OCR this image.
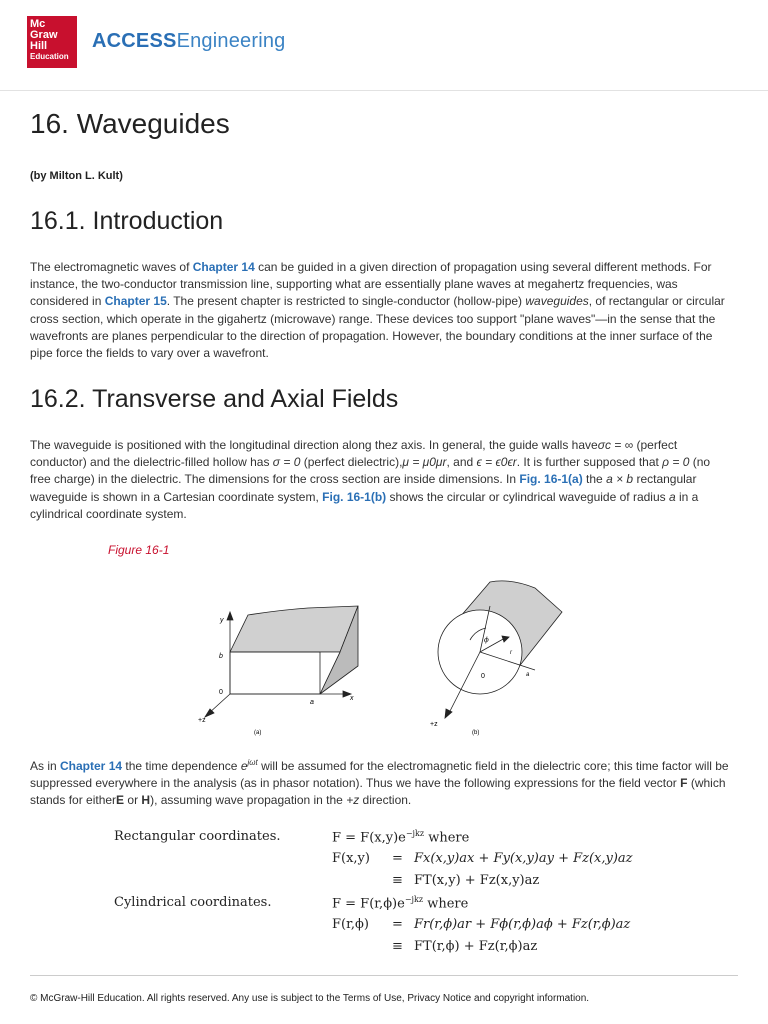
Mc
Graw
Hill
Education
ACCESSEngineering
16. Waveguides
(by Milton L. Kult)
16.1. Introduction

The electromagnetic waves of Chapter 14 can be guided in a given direction of propagation using several different methods. For instance, the two-conductor transmission line, supporting what are essentially plane waves at megahertz frequencies, was considered in Chapter 15. The present chapter is restricted to single-conductor (hollow-pipe) waveguides, of rectangular or circular cross section, which operate in the gigahertz (microwave) range. These devices too support "plane waves"—in the sense that the wavefronts are planes perpendicular to the direction of propagation. However, the boundary conditions at the inner surface of the pipe force the fields to vary over a wavefront.

16.2. Transverse and Axial Fields

The waveguide is positioned with the longitudinal direction along thez axis. In general, the guide walls haveσc = ∞ (perfect conductor) and the dielectric-filled hollow has σ = 0 (perfect dielectric),μ = μ0μr, and ϵ = ϵ0ϵr. It is further supposed that ρ = 0 (no free charge) in the dielectric. The dimensions for the cross section are inside dimensions. In Fig. 16-1(a) the a × b rectangular waveguide is shown in a Cartesian coordinate system, Fig. 16-1(b) shows the circular or cylindrical waveguide of radius a in a cylindrical coordinate system.

Figure 16-1
y
b
0
a
x
+z
(a)
ϕ
r
0	a
+z
(b)

As in Chapter 14 the time dependence $e^{j\omega t}$ will be assumed for the electromagnetic field in the dielectric core; this time factor will be suppressed everywhere in the analysis (as in phasor notation). Thus we have the following expressions for the field vector F (which stands for eitherE or H), assuming wave propagation in the +z direction.

Rectangular coordinates.	$F = F(x,y)e^{-jkz}$ where
F(x,y) = Fx(x,y)ax + Fy(x,y)ay + Fz(x,y)az
≡ FT(x,y) + Fz(x,y)az
Cylindrical coordinates.	$F = F(r,\phi)e^{-jkz}$ where
F(r,ϕ) = Fr(r,ϕ)ar + Fϕ(r,ϕ)aϕ + Fz(r,ϕ)az
≡ FT(r,ϕ) + Fz(r,ϕ)az
© McGraw-Hill Education. All rights reserved. Any use is subject to the Terms of Use, Privacy Notice and copyright information.
